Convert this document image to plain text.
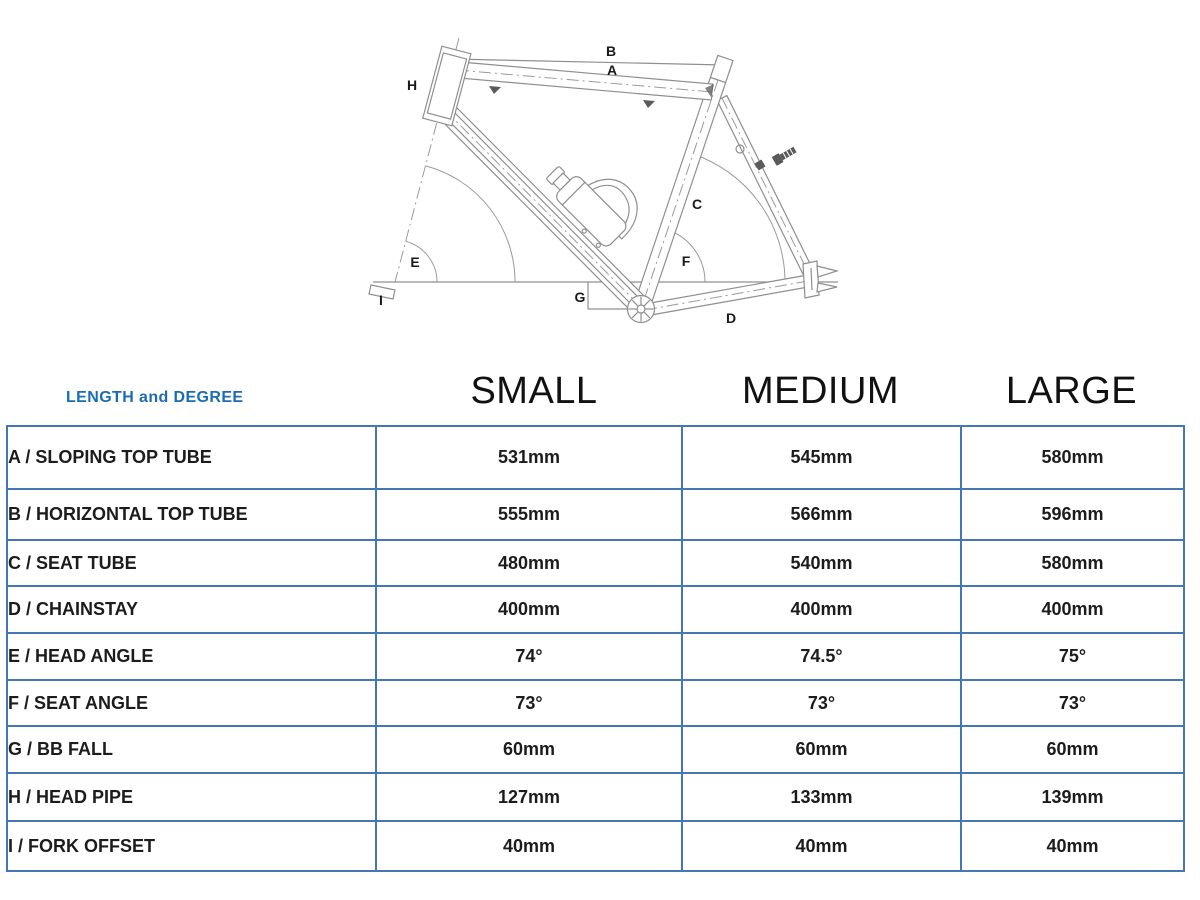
B
A
H
C
E	F
G
I
D
LENGTH and DEGREE	SMALL	MEDIUM	LARGE
A / SLOPING TOP TUBE	531mm	545mm	580mm
B / HORIZONTAL TOP TUBE	555mm	566mm	596mm
C / SEAT TUBE	480mm	540mm	580mm
D / CHAINSTAY	400mm	400mm	400mm
E / HEAD ANGLE	74°	74.5°	75°
F / SEAT ANGLE	73°	73°	73°
G / BB FALL	60mm	60mm	60mm
H / HEAD PIPE	127mm	133mm	139mm
I / FORK OFFSET	40mm	40mm	40mm
